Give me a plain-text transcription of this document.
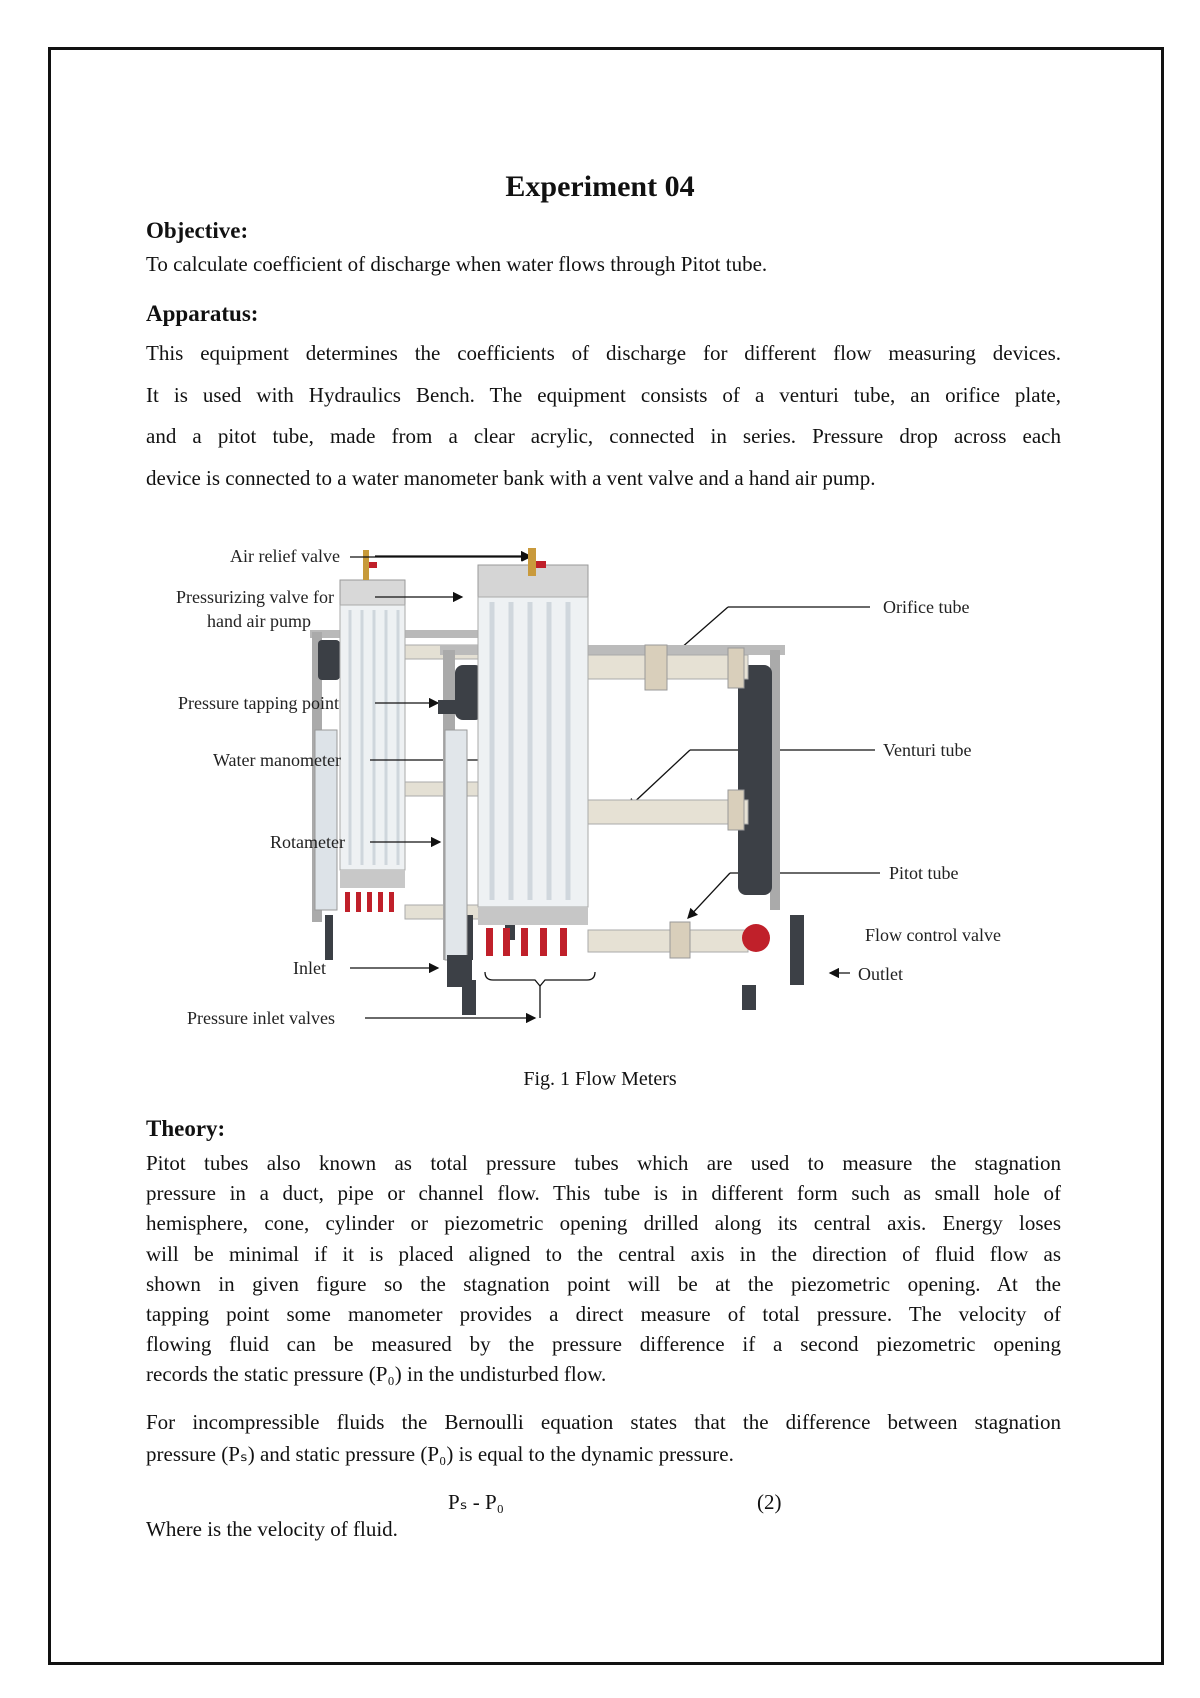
Experiment 04
Objective:
To calculate coefficient of discharge when water flows through Pitot tube.
Apparatus:
This equipment determines the coefficients of discharge for different flow measuring devices.
It is used with Hydraulics Bench. The equipment consists of a venturi tube, an orifice plate,
and a pitot tube, made from a clear acrylic, connected in series. Pressure drop across each
device is connected to a water manometer bank with a vent valve and a hand air pump.
Air relief valve
Pressurizing valve for
hand air pump
Pressure tapping point
Water manometer
Rotameter
Inlet
Pressure inlet valves
Orifice tube
Venturi tube
Pitot tube
Flow control valve
Outlet
Fig. 1 Flow Meters
Theory:
Pitot tubes also known as total pressure tubes which are used to measure the stagnation
pressure in a duct, pipe or channel flow. This tube is in different form such as small hole of
hemisphere, cone, cylinder or piezometric opening drilled along its central axis. Energy loses
will be minimal if it is placed aligned to the central axis in the direction of fluid flow as
shown in given figure so the stagnation point will be at the piezometric opening. At the
tapping point some manometer provides a direct measure of total pressure. The velocity of
flowing fluid can be measured by the pressure difference if a second piezometric opening
records the static pressure (P₀) in the undisturbed flow.
For incompressible fluids the Bernoulli equation states that the difference between stagnation
pressure (Pₛ) and static pressure (P₀) is equal to the dynamic pressure.
Pₛ - P₀	(2)
Where is the velocity of fluid.
